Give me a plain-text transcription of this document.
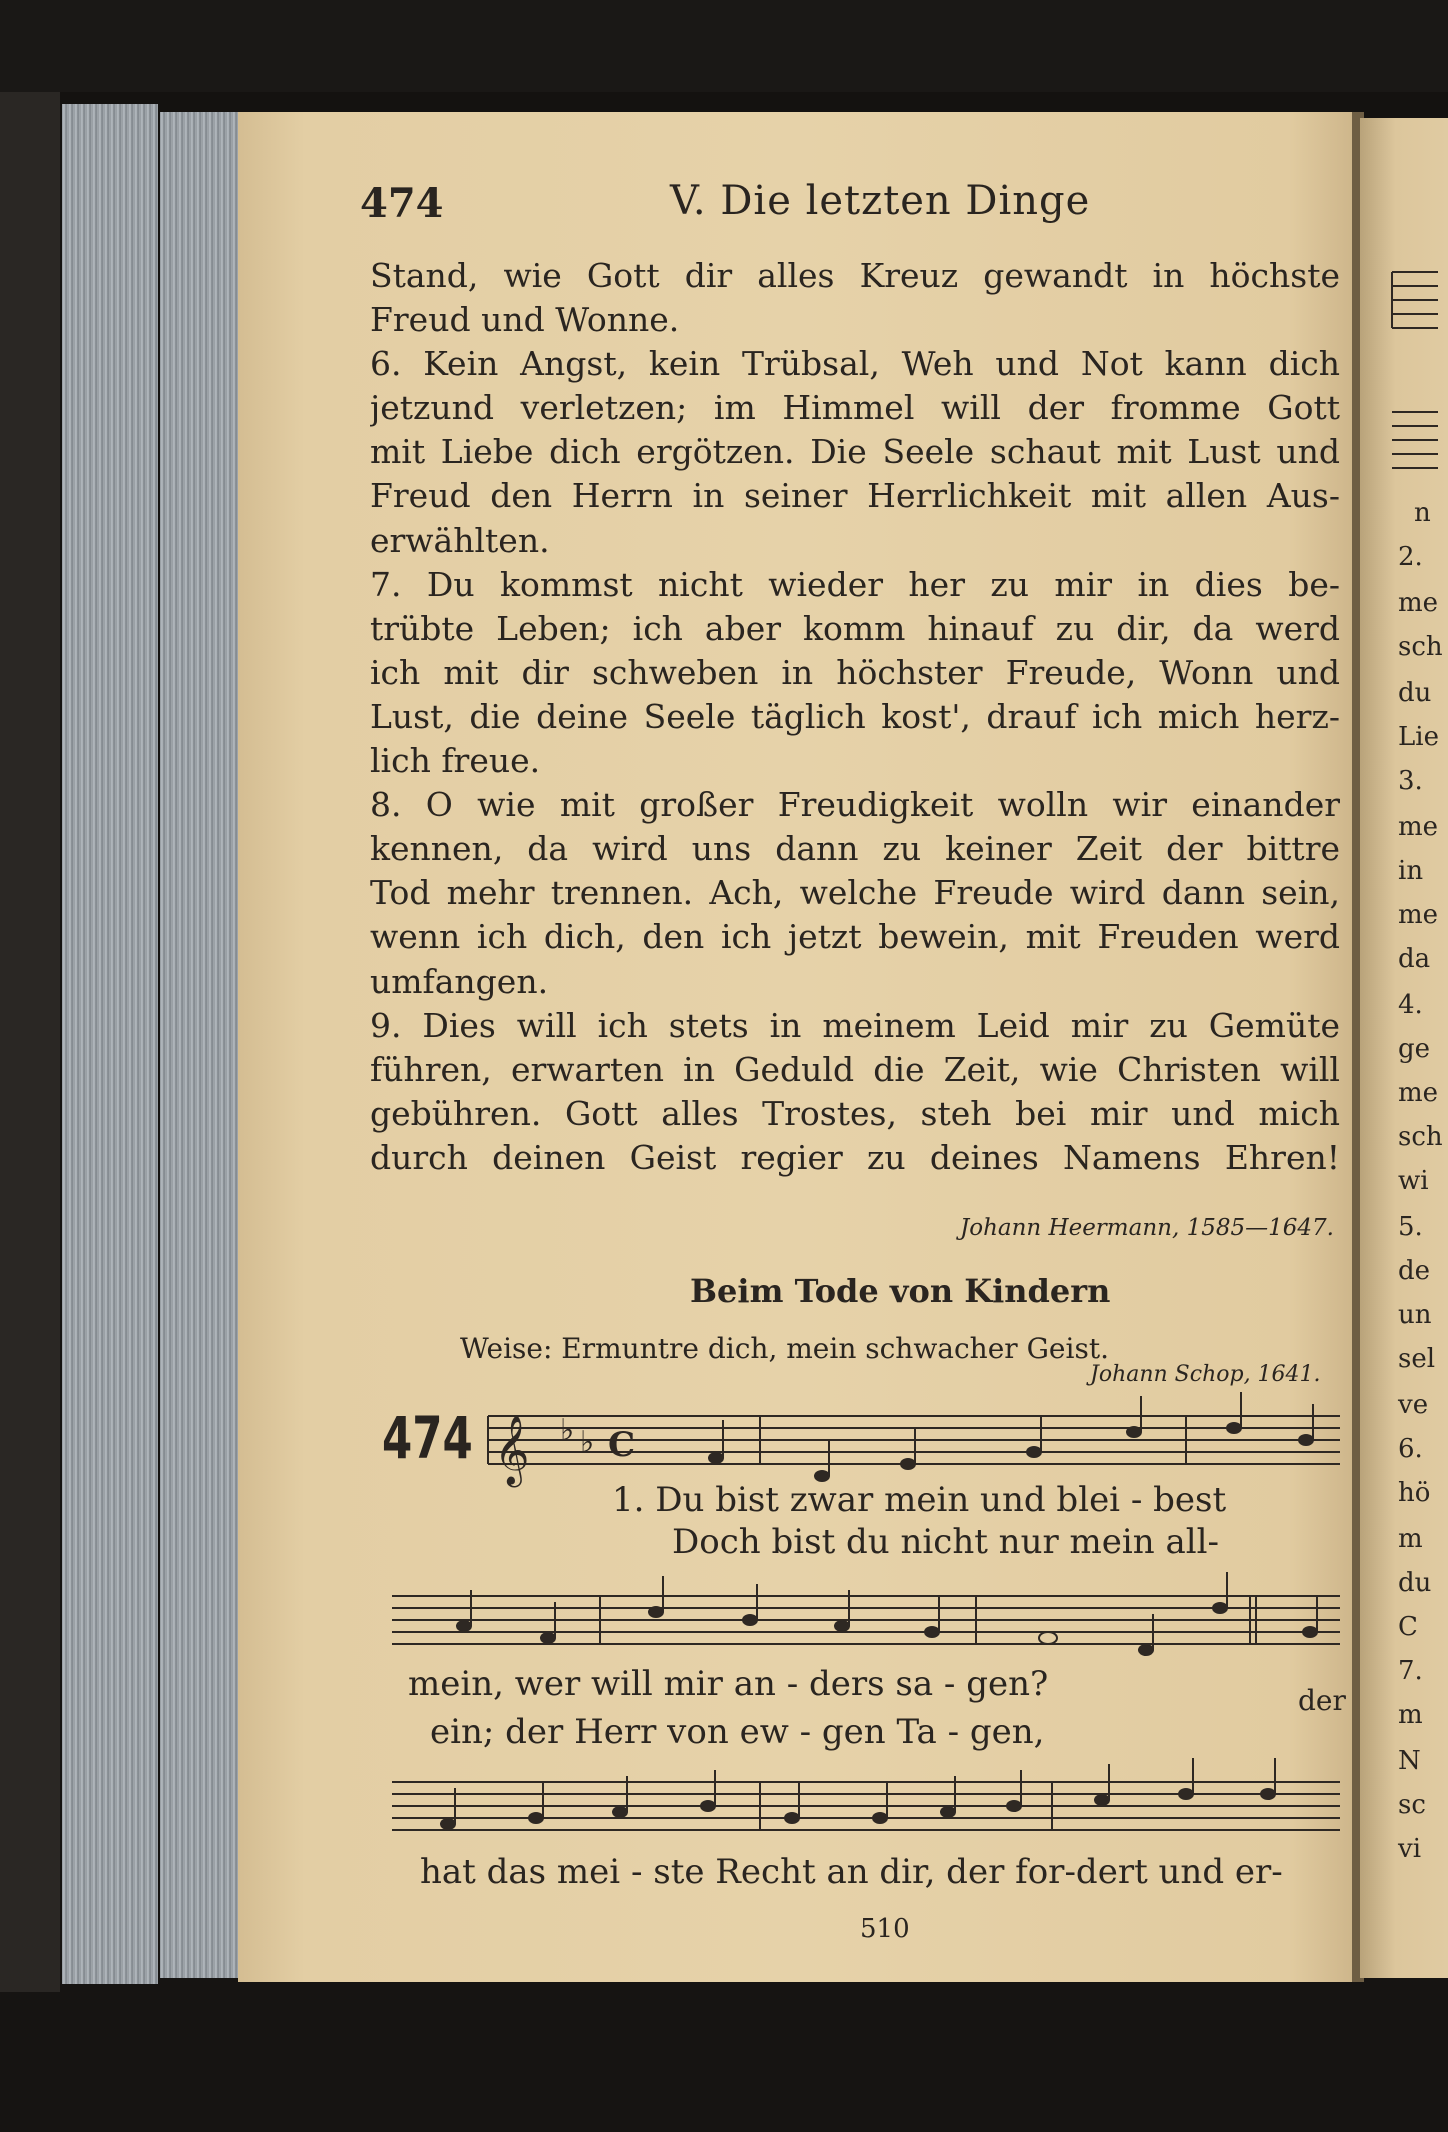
474	V. Die letzten Dinge
Stand, wie Gott dir alles Kreuz gewandt in höchste
Freud und Wonne.
6. Kein Angst, kein Trübsal, Weh und Not kann dich
jetzund verletzen; im Himmel will der fromme Gott
mit Liebe dich ergötzen. Die Seele schaut mit Lust und
Freud den Herrn in seiner Herrlichkeit mit allen Aus-
erwählten.
7. Du kommst nicht wieder her zu mir in dies be-
trübte Leben; ich aber komm hinauf zu dir, da werd
ich mit dir schweben in höchster Freude, Wonn und
Lust, die deine Seele täglich kost', drauf ich mich herz-
lich freue.
8. O wie mit großer Freudigkeit wolln wir einander
kennen, da wird uns dann zu keiner Zeit der bittre
Tod mehr trennen. Ach, welche Freude wird dann sein,
wenn ich dich, den ich jetzt bewein, mit Freuden werd
umfangen.
9. Dies will ich stets in meinem Leid mir zu Gemüte
führen, erwarten in Geduld die Zeit, wie Christen will
gebühren. Gott alles Trostes, steh bei mir und mich
durch deinen Geist regier zu deines Namens Ehren!
Johann Heermann, 1585—1647.
Beim Tode von Kindern
Weise: Ermuntre dich, mein schwacher Geist.
Johann Schop, 1641.
474 𝄞 ♭ ♭ C
1. Du bist zwar mein und blei - best
Doch bist du nicht nur mein all-
mein, wer will mir an - ders sa - gen?
ein; der Herr von ew - gen Ta - gen,
der
hat das mei - ste Recht an dir, der for-dert und er-
510
n
2.
me
sch
du
Lie
3.
me
in
me
da
4.
ge
me
sch
wi
5.
de
un
sel
ve
6.
hö
m
du
C
7.
m
N
sc
vi
